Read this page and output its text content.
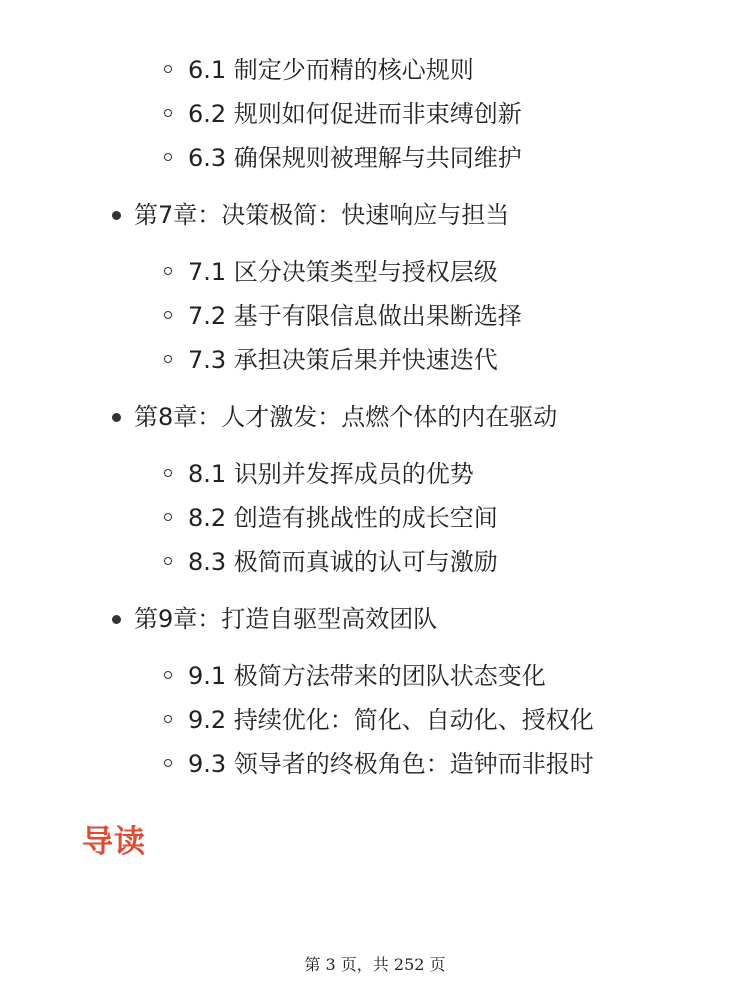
6.1 制定少而精的核心规则
6.2 规则如何促进而非束缚创新
6.3 确保规则被理解与共同维护
第7章：决策极简：快速响应与担当
7.1 区分决策类型与授权层级
7.2 基于有限信息做出果断选择
7.3 承担决策后果并快速迭代
第8章：人才激发：点燃个体的内在驱动
8.1 识别并发挥成员的优势
8.2 创造有挑战性的成长空间
8.3 极简而真诚的认可与激励
第9章：打造自驱型高效团队
9.1 极简方法带来的团队状态变化
9.2 持续优化：简化、自动化、授权化
9.3 领导者的终极角色：造钟而非报时
导读
第 3 页，共 252 页
